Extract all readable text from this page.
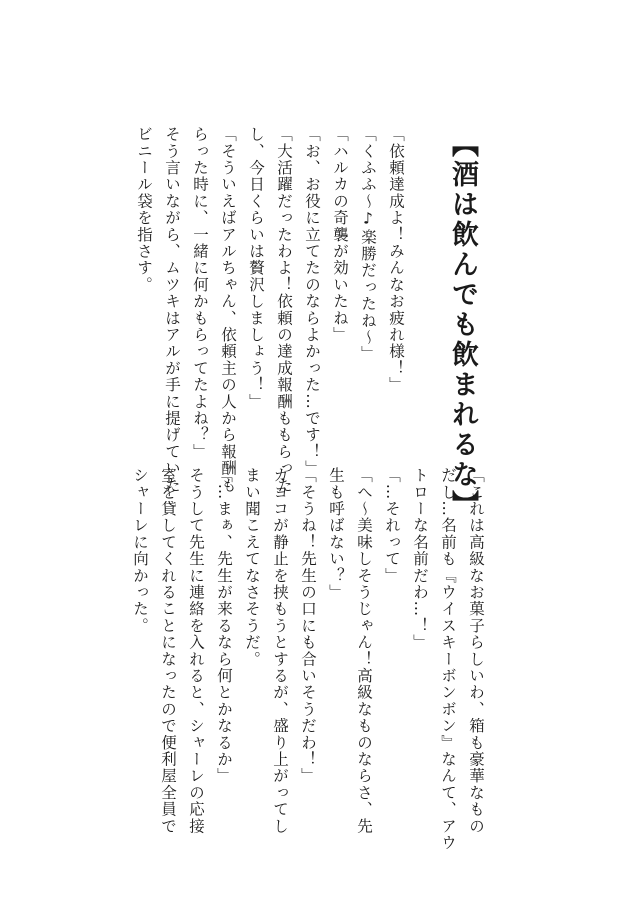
【酒は飲んでも飲まれるな】

「依頼達成よ！みんなお疲れ様！」

「くふふ〜♪楽勝だったね〜」

「ハルカの奇襲が効いたね」

「お、お役に立てたのならよかった…です！」

「大活躍だったわよ！依頼の達成報酬ももらった

し、今日くらいは贅沢しましょう！」

「そういえばアルちゃん、依頼主の人から報酬も

らった時に、一緒に何かもらってたよね？」

そう言いながら、ムツキはアルが手に提げていた

ビニール袋を指さす。

「これは高級なお菓子らしいわ、箱も豪華なもの

だし…名前も『ウイスキーボンボン』なんて、アウ

トローな名前だわ…！」

「…それって」

「へ〜美味しそうじゃん！高級なものならさ、先

生も呼ばない？」

「そうね！先生の口にも合いそうだわ！」

カヨコが静止を挟もうとするが、盛り上がってし

まい聞こえてなさそうだ。

「…まぁ、先生が来るなら何とかなるか」

そうして先生に連絡を入れると、シャーレの応接

室を貸してくれることになったので便利屋全員で

シャーレに向かった。
